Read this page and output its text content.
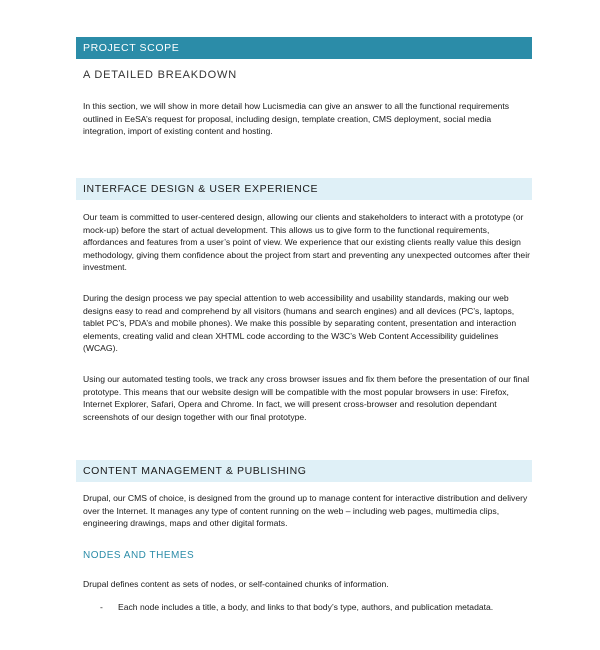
PROJECT SCOPE
A DETAILED BREAKDOWN

In this section, we will show in more detail how Lucismedia can give an answer to all the functional requirements outlined in EeSA’s request for proposal, including design, template creation, CMS deployment, social media integration, import of existing content and hosting.

INTERFACE DESIGN & USER EXPERIENCE

Our team is committed to user-centered design, allowing our clients and stakeholders to interact with a prototype (or mock-up) before the start of actual development. This allows us to give form to the functional requirements, affordances and features from a user’s point of view. We experience that our existing clients really value this design methodology, giving them confidence about the project from start and preventing any unexpected outcomes after their investment.

During the design process we pay special attention to web accessibility and usability standards, making our web designs easy to read and comprehend by all visitors (humans and search engines) and all devices (PC’s, laptops, tablet PC’s, PDA’s and mobile phones). We make this possible by separating content, presentation and interaction elements, creating valid and clean XHTML code according to the W3C’s Web Content Accessibility guidelines (WCAG).

Using our automated testing tools, we track any cross browser issues and fix them before the presentation of our final prototype. This means that our website design will be compatible with the most popular browsers in use: Firefox, Internet Explorer, Safari, Opera and Chrome. In fact, we will present cross-browser and resolution dependant screenshots of our design together with our final prototype.

CONTENT MANAGEMENT & PUBLISHING

Drupal, our CMS of choice, is designed from the ground up to manage content for interactive distribution and delivery over the Internet. It manages any type of content running on the web – including web pages, multimedia clips, engineering drawings, maps and other digital formats.

NODES AND THEMES

Drupal defines content as sets of nodes, or self-contained chunks of information.

- Each node includes a title, a body, and links to that body’s type, authors, and publication metadata.
